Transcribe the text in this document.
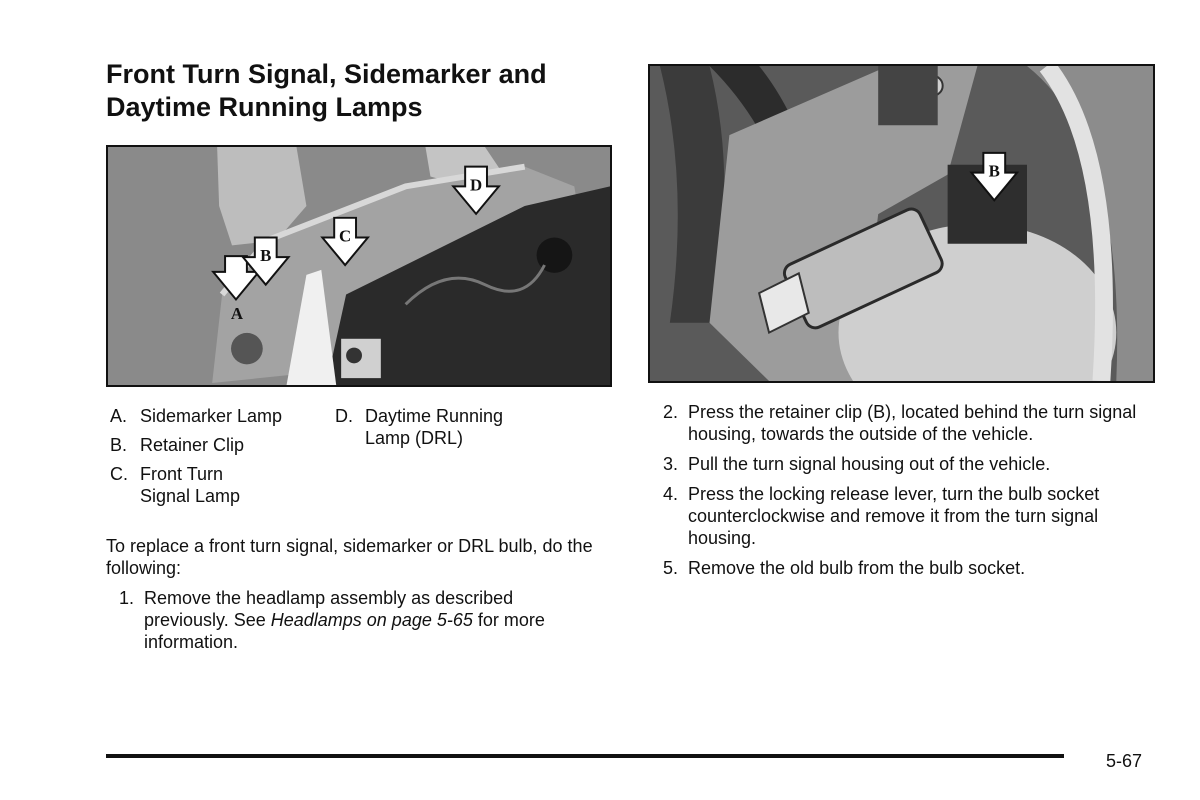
Front Turn Signal, Sidemarker and Daytime Running Lamps
A
B
C
D
B
A. Sidemarker Lamp
B. Retainer Clip
C. Front Turn Signal Lamp
D. Daytime Running Lamp (DRL)

To replace a front turn signal, sidemarker or DRL bulb, do the following:

1. Remove the headlamp assembly as described previously. See Headlamps on page 5-65 for more information.
2. Press the retainer clip (B), located behind the turn signal housing, towards the outside of the vehicle.
3. Pull the turn signal housing out of the vehicle.
4. Press the locking release lever, turn the bulb socket counterclockwise and remove it from the turn signal housing.
5. Remove the old bulb from the bulb socket.
5-67
